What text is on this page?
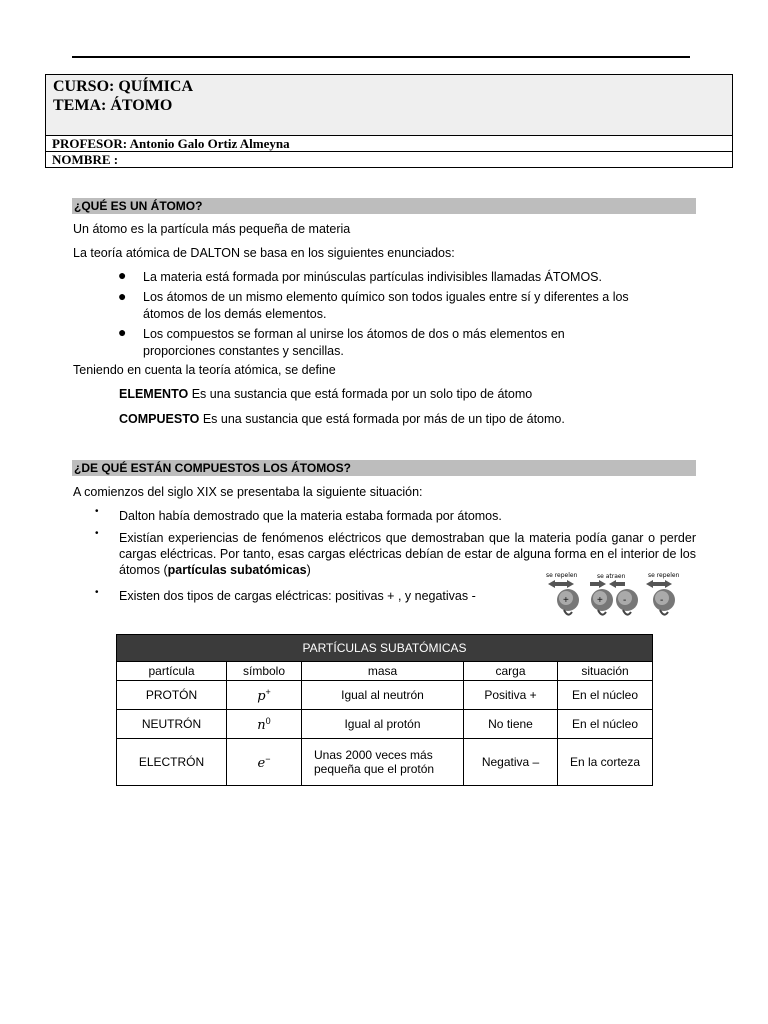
CURSO: QUÍMICA
TEMA: ÁTOMO
PROFESOR: Antonio Galo Ortiz Almeyna
NOMBRE :
¿QUÉ ES UN ÁTOMO?
Un átomo es la partícula más pequeña de materia
La teoría atómica de DALTON se basa en los siguientes enunciados:
● La materia está formada por minúsculas partículas indivisibles llamadas ÁTOMOS.
● Los átomos de un mismo elemento químico son todos iguales entre sí y diferentes a los átomos de los demás elementos.
● Los compuestos se forman al unirse los átomos de dos o más elementos en proporciones constantes y sencillas.
Teniendo en cuenta la teoría atómica, se define
ELEMENTO Es una sustancia que está formada por un solo tipo de átomo
COMPUESTO Es una sustancia que está formada por más de un tipo de átomo.
¿DE QUÉ ESTÁN COMPUESTOS LOS ÁTOMOS?
A comienzos del siglo XIX se presentaba la siguiente situación:
• Dalton había demostrado que la materia estaba formada por átomos.
• Existían experiencias de fenómenos eléctricos que demostraban que la materia podía ganar o perder cargas eléctricas. Por tanto, esas cargas eléctricas debían de estar de alguna forma en el interior de los átomos (partículas subatómicas)
• Existen dos tipos de cargas eléctricas: positivas + , y negativas -
se repelen	se atraen	se repelen
+	+ -	-
PARTÍCULAS SUBATÓMICAS				
partícula	símbolo	masa	carga	situación
PROTÓN	p+	Igual al neutrón	Positiva +	En el núcleo
NEUTRÓN	$n^0$	Igual al protón	No tiene	En el núcleo
ELECTRÓN	e−	Unas 2000 veces más pequeña que el protón	Negativa –	En la corteza
